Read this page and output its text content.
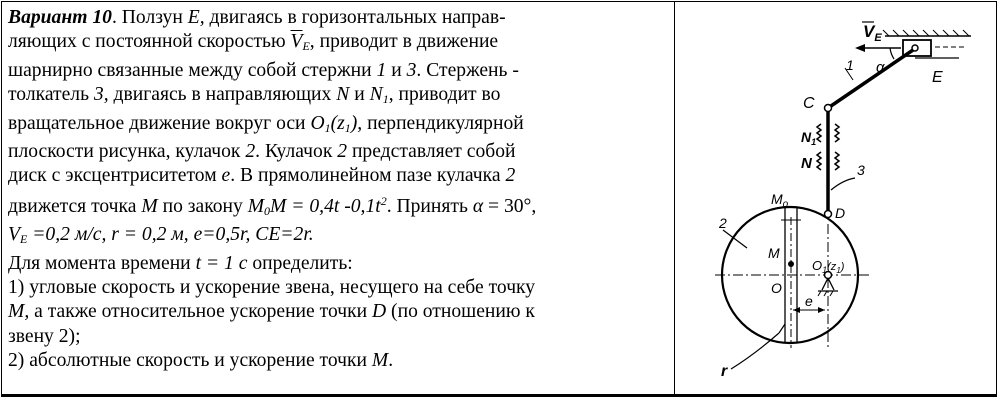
Вариант 10. Ползун E, двигаясь в горизонтальных направ-
ляющих с постоянной скоростью $\overline{V}_E$, приводит в движение
шарнирно связанные между собой стержни 1 и 3. Стержень -
толкатель 3, двигаясь в направляющих N и $N_1$, приводит во
вращательное движение вокруг оси $O_1(z_1)$, перпендикулярной
плоскости рисунка, кулачок 2. Кулачок 2 представляет собой
диск с эксцентриситетом e. В прямолинейном пазе кулачка 2
движется точка M по закону $M_0M = 0,4t$ $-0,1t^2$. Принять α = 30°,
$V_E =0,2$ м/с, r = 0,2 м, e=0,5r, CE=2r.
Для момента времени t = 1 с определить:
1) угловые скорость и ускорение звена, несущего на себе точку
M, а также относительное ускорение точки D (по отношению к
звену 2);
2) абсолютные скорость и ускорение точки M.
$V_E$
E
1 α
C
$N_1$
N	3
$M_o$
D
2
M
$O_1^{(z}_1^)$
O
e
r
